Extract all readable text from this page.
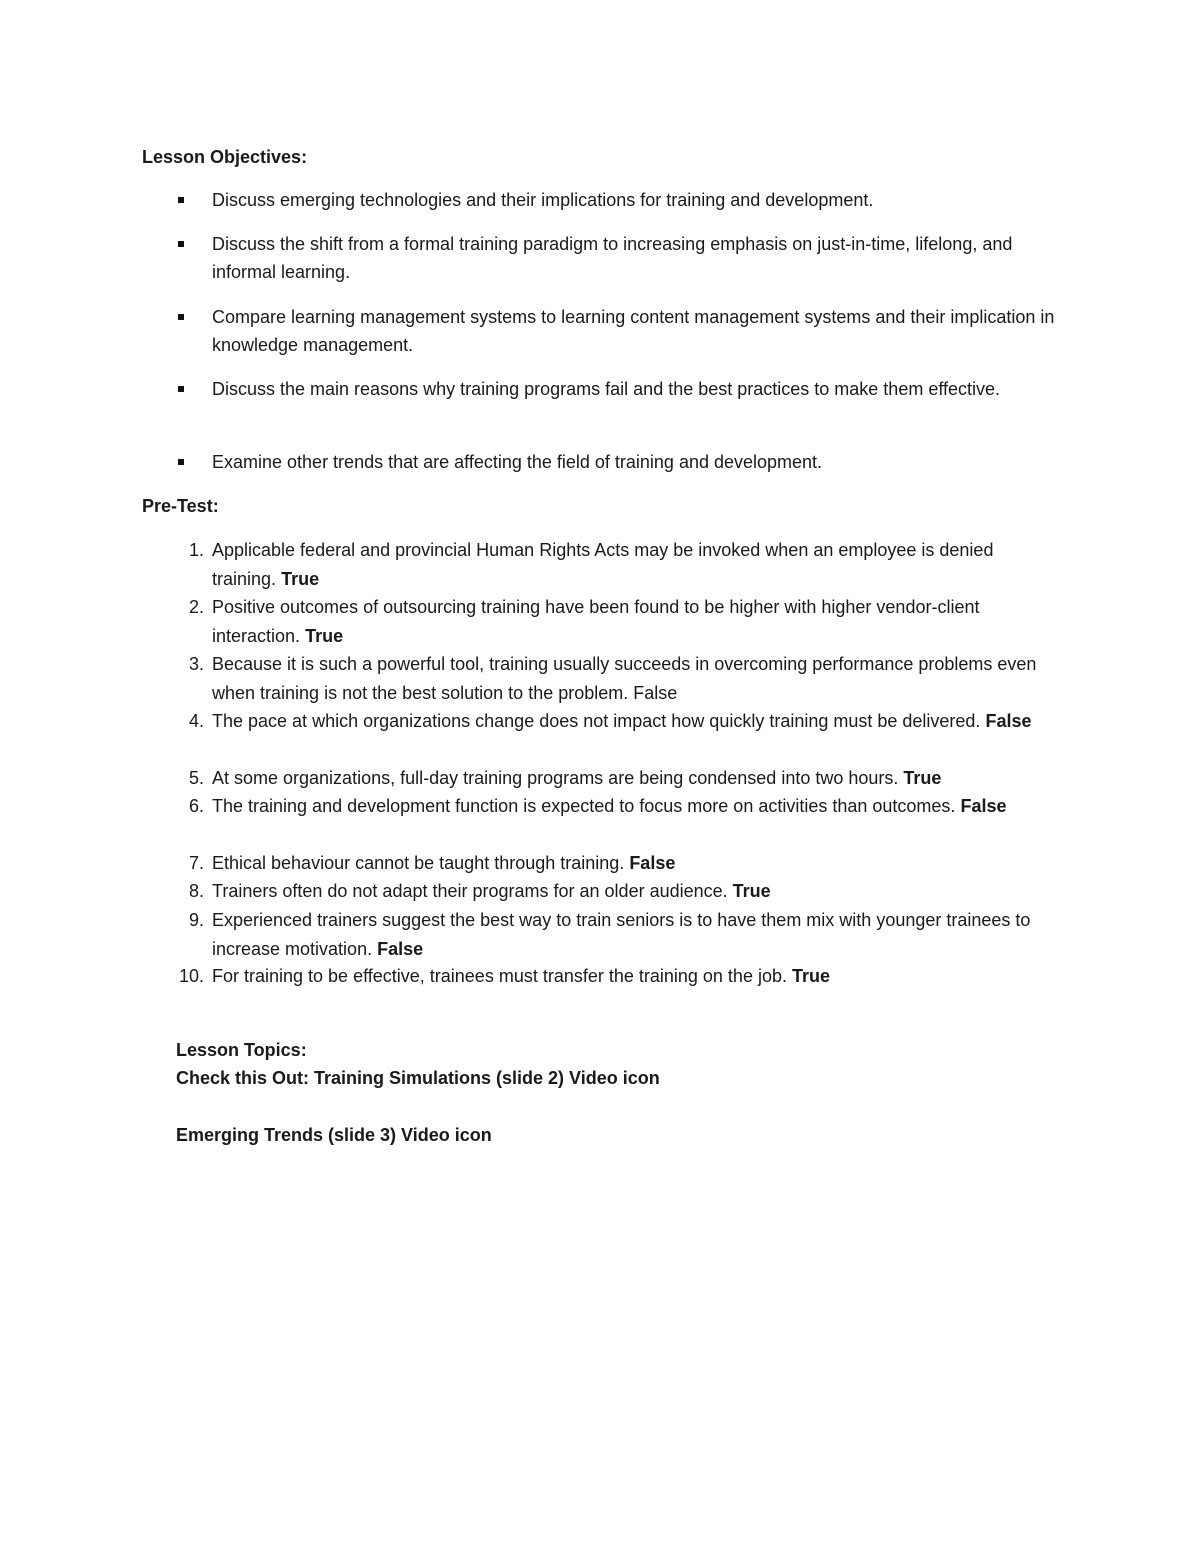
Lesson Objectives:
Discuss emerging technologies and their implications for training and development.
Discuss the shift from a formal training paradigm to increasing emphasis on just-in-time, lifelong, and informal learning.
Compare learning management systems to learning content management systems and their implication in knowledge management.
Discuss the main reasons why training programs fail and the best practices to make them effective.
Examine other trends that are affecting the field of training and development.
Pre-Test:
1. Applicable federal and provincial Human Rights Acts may be invoked when an employee is denied training. True
2. Positive outcomes of outsourcing training have been found to be higher with higher vendor-client interaction. True
3. Because it is such a powerful tool, training usually succeeds in overcoming performance problems even when training is not the best solution to the problem. False
4. The pace at which organizations change does not impact how quickly training must be delivered. False
5. At some organizations, full-day training programs are being condensed into two hours. True
6. The training and development function is expected to focus more on activities than outcomes. False
7. Ethical behaviour cannot be taught through training. False
8. Trainers often do not adapt their programs for an older audience. True
9. Experienced trainers suggest the best way to train seniors is to have them mix with younger trainees to increase motivation. False
10. For training to be effective, trainees must transfer the training on the job. True
Lesson Topics:
Check this Out: Training Simulations (slide 2) Video icon
Emerging Trends (slide 3) Video icon
